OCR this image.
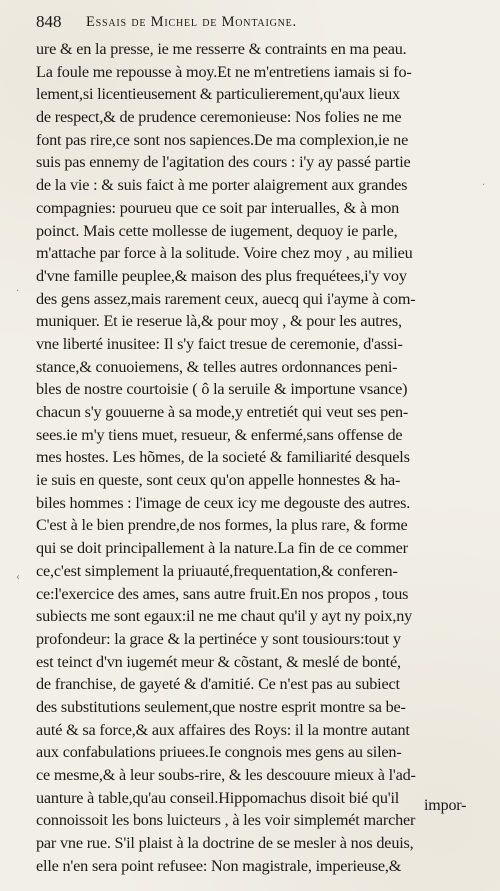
848 Essais de Michel de Montaigne.
ure & en la presse, ie me resserre & contraints en ma peau.
La foule me repousse à moy.Et ne m'entretiens iamais si fo-
lement,si licentieusement & particulierement,qu'aux lieux
de respect,& de prudence ceremonieuse: Nos folies ne me
font pas rire,ce sont nos sapiences.De ma complexion,ie ne
suis pas ennemy de l'agitation des cours : i'y ay passé partie
de la vie : & suis faict à me porter alaigrement aux grandes
compagnies: pourueu que ce soit par interualles, & à mon
poinct. Mais cette mollesse de iugement, dequoy ie parle,
m'attache par force à la solitude. Voire chez moy , au milieu
d'vne famille peuplee,& maison des plus frequétees,i'y voy
des gens assez,mais rarement ceux, auecq qui i'ayme à com-
muniquer. Et ie reserue là,& pour moy , & pour les autres,
vne liberté inusitee: Il s'y faict tresue de ceremonie, d'assi-
stance,& conuoiemens, & telles autres ordonnances peni-
bles de nostre courtoisie ( ô la seruile & importune vsance)
chacun s'y gouuerne à sa mode,y entretiét qui veut ses pen-
sees.ie m'y tiens muet, resueur, & enfermé,sans offense de
mes hostes. Les hõmes, de la societé & familiarité desquels
ie suis en queste, sont ceux qu'on appelle honnestes & ha-
biles hommes : l'image de ceux icy me degouste des autres.
C'est à le bien prendre,de nos formes, la plus rare, & forme
qui se doit principallement à la nature.La fin de ce commer
ce,c'est simplement la priuauté,frequentation,& conferen-
ce:l'exercice des ames, sans autre fruit.En nos propos , tous
subiects me sont egaux:il ne me chaut qu'il y ayt ny poix,ny
profondeur: la grace & la pertinéce y sont tousiours:tout y
est teinct d'vn iugemét meur & cõstant, & meslé de bonté,
de franchise, de gayeté & d'amitié. Ce n'est pas au subiect
des substitutions seulement,que nostre esprit montre sa be-
auté & sa force,& aux affaires des Roys: il la montre autant
aux confabulations priuees.Ie congnois mes gens au silen-
ce mesme,& à leur soubs-rire, & les descouure mieux à l'ad-
uanture à table,qu'au conseil.Hippomachus disoit bié qu'il
connoissoit les bons luicteurs , à les voir simplemét marcher
par vne rue. S'il plaist à la doctrine de se mesler à nos deuis,
elle n'en sera point refusee: Non magistrale, imperieuse,&
impor-
·
‹
·
